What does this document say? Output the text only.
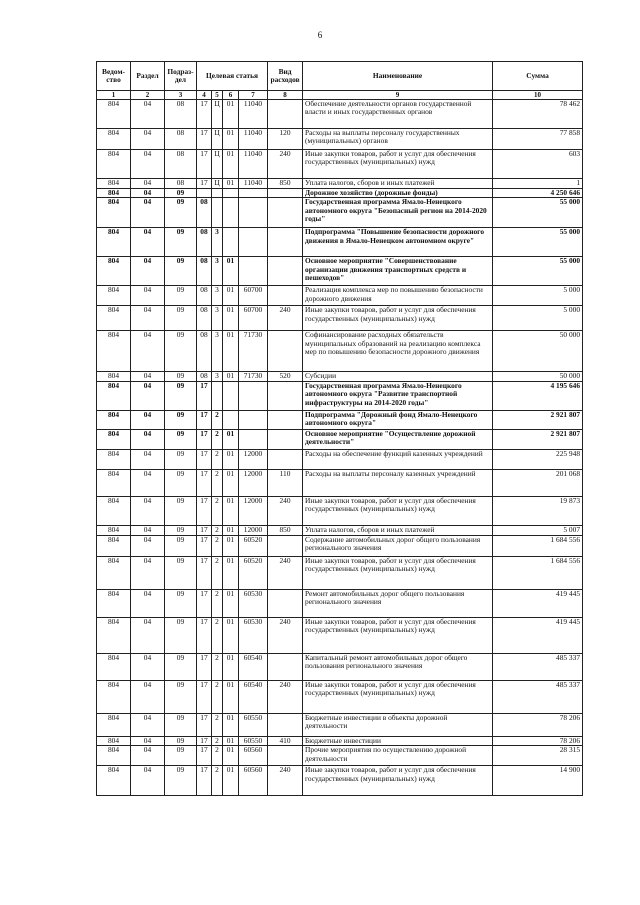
6
Ведом-ство	Раздел	Подраз-дел	Целевая статья				Вид расходов	Наименование	Сумма
1	2	3	4	5	6	7	8	9	10
804	04	08	17	Ц	01	11040		Обеспечение деятельности органов государственной власти и иных государственных органов	78 462
804	04	08	17	Ц	01	11040	120	Расходы на выплаты персоналу государственных (муниципальных) органов	77 858
804	04	08	17	Ц	01	11040	240	Иные закупки товаров, работ и услуг для обеспечения государственных (муниципальных) нужд	603
804	04	08	17	Ц	01	11040	850	Уплата налогов, сборов и иных платежей	1
804	04	09						Дорожное хозяйство (дорожные фонды)	4 250 646
804	04	09	08					Государственная программа Ямало-Ненецкого автономного округа "Безопасный регион на 2014-2020 годы"	55 000
804	04	09	08	3				Подпрограмма "Повышение безопасности дорожного движения в Ямало-Ненецком автономном округе"	55 000
804	04	09	08	3	01			Основное мероприятие "Совершенствование организации движения транспортных средств и пешеходов"	55 000
804	04	09	08	3	01	60700		Реализация комплекса мер по повышению безопасности дорожного движения	5 000
804	04	09	08	3	01	60700	240	Иные закупки товаров, работ и услуг для обеспечения государственных (муниципальных) нужд	5 000
804	04	09	08	3	01	71730		Софинансирование расходных обязательств муниципальных образований на реализацию комплекса мер по повышению безопасности дорожного движения	50 000
804	04	09	08	3	01	71730	520	Субсидии	50 000
804	04	09	17					Государственная программа Ямало-Ненецкого автономного округа "Развитие транспортной инфраструктуры на 2014-2020 годы"	4 195 646
804	04	09	17	2				Подпрограмма "Дорожный фонд Ямало-Ненецкого автономного округа"	2 921 807
804	04	09	17	2	01			Основное мероприятие "Осуществление дорожной деятельности"	2 921 807
804	04	09	17	2	01	12000		Расходы на обеспечение функций казенных учреждений	225 948
804	04	09	17	2	01	12000	110	Расходы на выплаты персоналу казенных учреждений	201 068
804	04	09	17	2	01	12000	240	Иные закупки товаров, работ и услуг для обеспечения государственных (муниципальных) нужд	19 873
804	04	09	17	2	01	12000	850	Уплата налогов, сборов и иных платежей	5 007
804	04	09	17	2	01	60520		Содержание автомобильных дорог общего пользования регионального значения	1 684 556
804	04	09	17	2	01	60520	240	Иные закупки товаров, работ и услуг для обеспечения государственных (муниципальных) нужд	1 684 556
804	04	09	17	2	01	60530		Ремонт автомобильных дорог общего пользования регионального значения	419 445
804	04	09	17	2	01	60530	240	Иные закупки товаров, работ и услуг для обеспечения государственных (муниципальных) нужд	419 445
804	04	09	17	2	01	60540		Капитальный ремонт автомобильных дорог общего пользования регионального значения	485 337
804	04	09	17	2	01	60540	240	Иные закупки товаров, работ и услуг для обеспечения государственных (муниципальных) нужд	485 337
804	04	09	17	2	01	60550		Бюджетные инвестиции в объекты дорожной деятельности	78 206
804	04	09	17	2	01	60550	410	Бюджетные инвестиции	78 206
804	04	09	17	2	01	60560		Прочие мероприятия по осуществлению дорожной деятельности	28 315
804	04	09	17	2	01	60560	240	Иные закупки товаров, работ и услуг для обеспечения государственных (муниципальных) нужд	14 900
